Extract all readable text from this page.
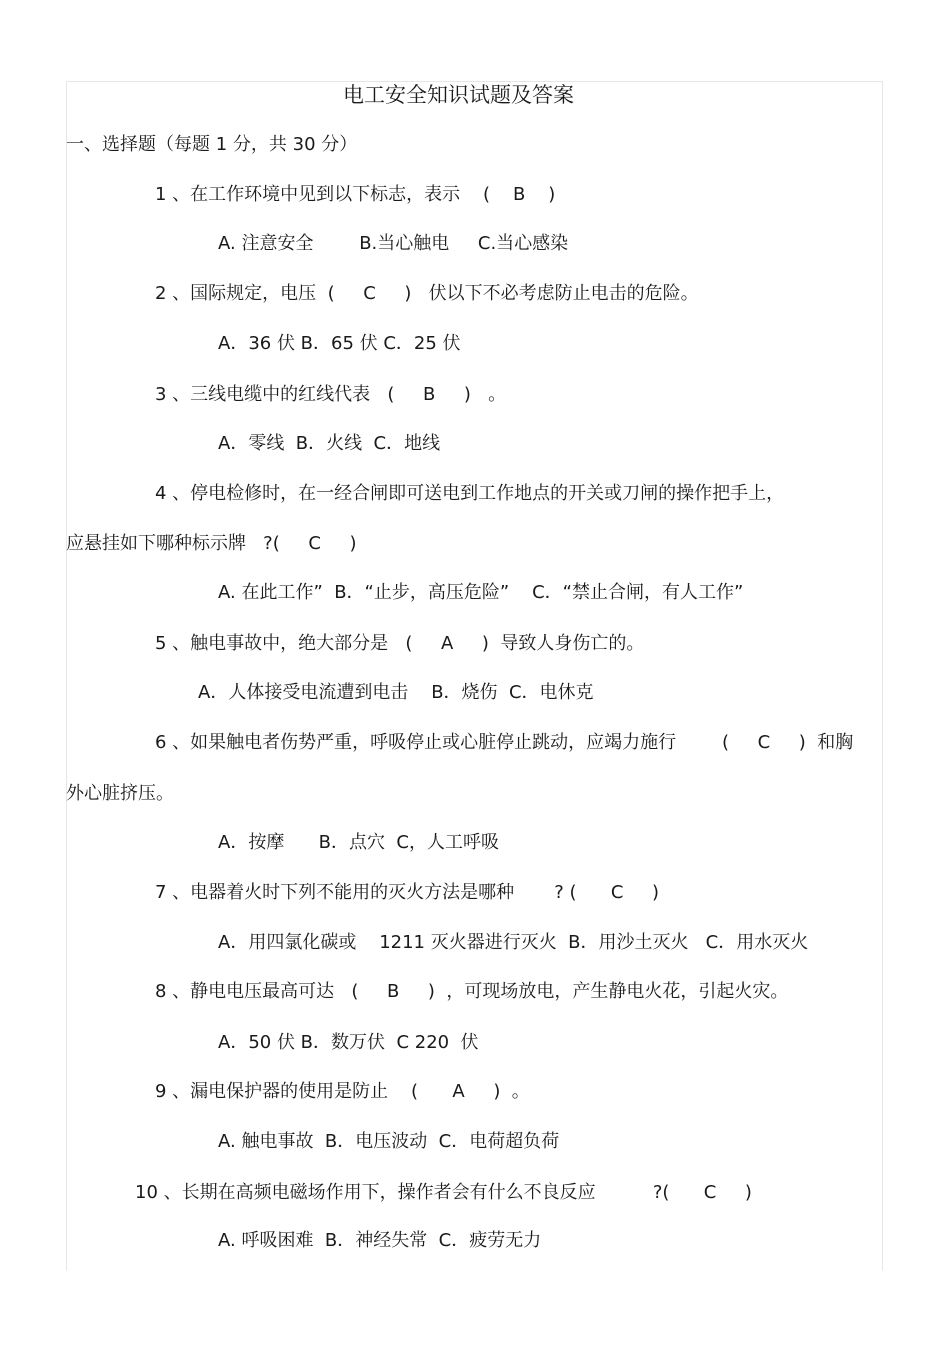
电工安全知识试题及答案
一、选择题（每题 1 分，共 30 分）
1 、在工作环境中见到以下标志，表示    (    B    )
A. 注意安全        B.当心触电     C.当心感染
2 、国际规定，电压  (     C     )   伏以下不必考虑防止电击的危险。
A．36 伏 B．65 伏 C．25 伏
3 、三线电缆中的红线代表   (     B     )   。
A．零线  B．火线  C．地线
4 、停电检修时，在一经合闸即可送电到工作地点的开关或刀闸的操作把手上，
应悬挂如下哪种标示牌   ?(     C     )
A. 在此工作”  B．“止步，高压危险”    C．“禁止合闸，有人工作”
5 、触电事故中，绝大部分是   (     A     )  导致人身伤亡的。
A．人体接受电流遭到电击    B．烧伤  C．电休克
6 、如果触电者伤势严重，呼吸停止或心脏停止跳动，应竭力施行        (     C     )  和胸
外心脏挤压。
A．按摩      B．点穴  C，人工呼吸
7 、电器着火时下列不能用的灭火方法是哪种       ? (      C     )
A．用四氯化碳或    1211 灭火器进行灭火  B．用沙土灭火   C．用水灭火
8 、静电电压最高可达   (     B     )  ，可现场放电，产生静电火花，引起火灾。
A．50 伏 B．数万伏  C 220  伏
9 、漏电保护器的使用是防止    (      A     )  。
A. 触电事故  B．电压波动  C．电荷超负荷
10 、长期在高频电磁场作用下，操作者会有什么不良反应          ?(      C     )
A. 呼吸困难  B．神经失常  C．疲劳无力
